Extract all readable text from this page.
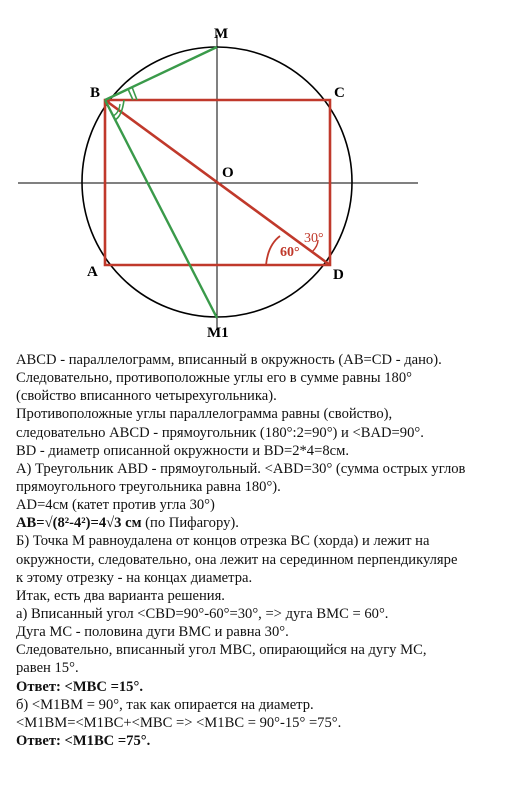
M
B	C
O
A	D
M1
30°
60°
ABCD - параллелограмм, вписанный в окружность (AB=CD - дано).
Следовательно, противоположные углы его в сумме равны 180°
(свойство вписанного четырехугольника).
Противоположные углы параллелограмма равны (свойство),
следовательно ABCD - прямоугольник (180°:2=90°) и <BAD=90°.
BD - диаметр описанной окружности и BD=2*4=8см.
А) Треугольник ABD - прямоугольный. <ABD=30° (сумма острых углов
прямоугольного треугольника равна 180°).
AD=4см (катет против угла 30°)
AB=√(8²-4²)=4√3 см (по Пифагору).
Б) Точка М равноудалена от концов отрезка ВС (хорда) и лежит на
окружности, следовательно, она лежит на серединном перпендикуляре
к этому отрезку - на концах диаметра.
Итак, есть два варианта решения.
а) Вписанный угол <CBD=90°-60°=30°, => дуга ВМС = 60°.
Дуга МС - половина дуги ВМС и равна 30°.
Следовательно, вписанный угол МВС, опирающийся на дугу МС,
равен 15°.
Ответ: <MBC =15°.
б) <M1BM = 90°, так как опирается на диаметр.
<M1BM=<M1BC+<MBC => <M1BC = 90°-15° =75°.
Ответ: <M1BC =75°.
